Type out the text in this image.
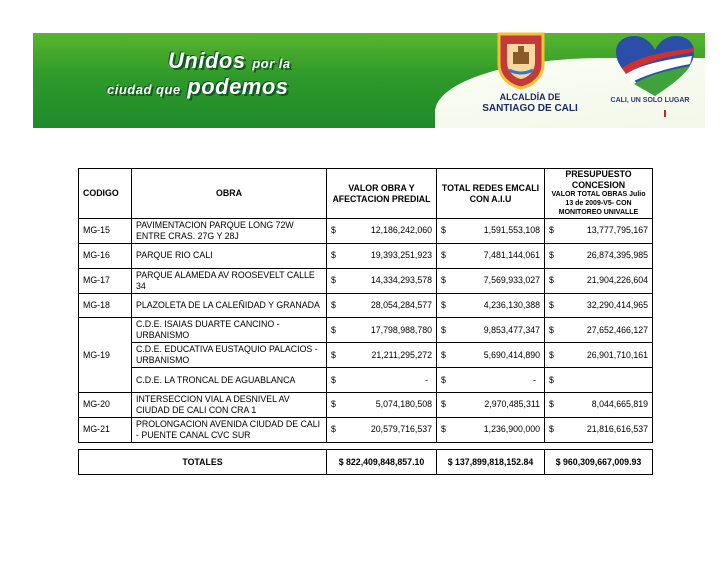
Unidos por la
ciudad que podemos	ALCALDÍA DE
SANTIAGO DE CALI
CALI, UN SOLO LUGAR
CODIGO	OBRA	VALOR OBRA Y AFECTACION PREDIAL	TOTAL REDES EMCALI CON A.I.U	PRESUPUESTO CONCESION
VALOR TOTAL OBRAS Julio 13 de 2009-V5- CON MONITOREO UNIVALLE

MG-15	PAVIMENTACION PARQUE LONG 72W ENTRE CRAS. 27G Y 28J	$ 12,186,242,060	$ 1,591,553,108	$ 13,777,795,167

MG-16	PARQUE RIO CALI	$ 19,393,251,923	$ 7,481,144,061	$ 26,874,395,985

MG-17	PARQUE ALAMEDA AV ROOSEVELT CALLE 34	$ 14,334,293,578	$ 7,569,933,027	$ 21,904,226,604

MG-18	PLAZOLETA DE LA CALEÑIDAD Y GRANADA	$ 28,054,284,577	$ 4,236,130,388	$ 32,290,414,965

MG-19	C.D.E. ISAIAS DUARTE CANCINO - URBANISMO	$ 17,798,988,780	$ 9,853,477,347	$ 27,652,466,127

	C.D.E. EDUCATIVA EUSTAQUIO PALACIOS - URBANISMO	$ 21,211,295,272	$ 5,690,414,890	$ 26,901,710,161

	C.D.E. LA TRONCAL DE AGUABLANCA	$ -	$ -	$

MG-20	INTERSECCION VIAL A DESNIVEL AV CIUDAD DE CALI CON CRA 1	$ 5,074,180,508	$ 2,970,485,311	$ 8,044,665,819

MG-21	PROLONGACION AVENIDA CIUDAD DE CALI - PUENTE CANAL CVC SUR	$ 20,579,716,537	$ 1,236,900,000	$ 21,816,616,537

TOTALES		$ 822,409,848,857.10	$ 137,899,818,152.84	$ 960,309,667,009.93
